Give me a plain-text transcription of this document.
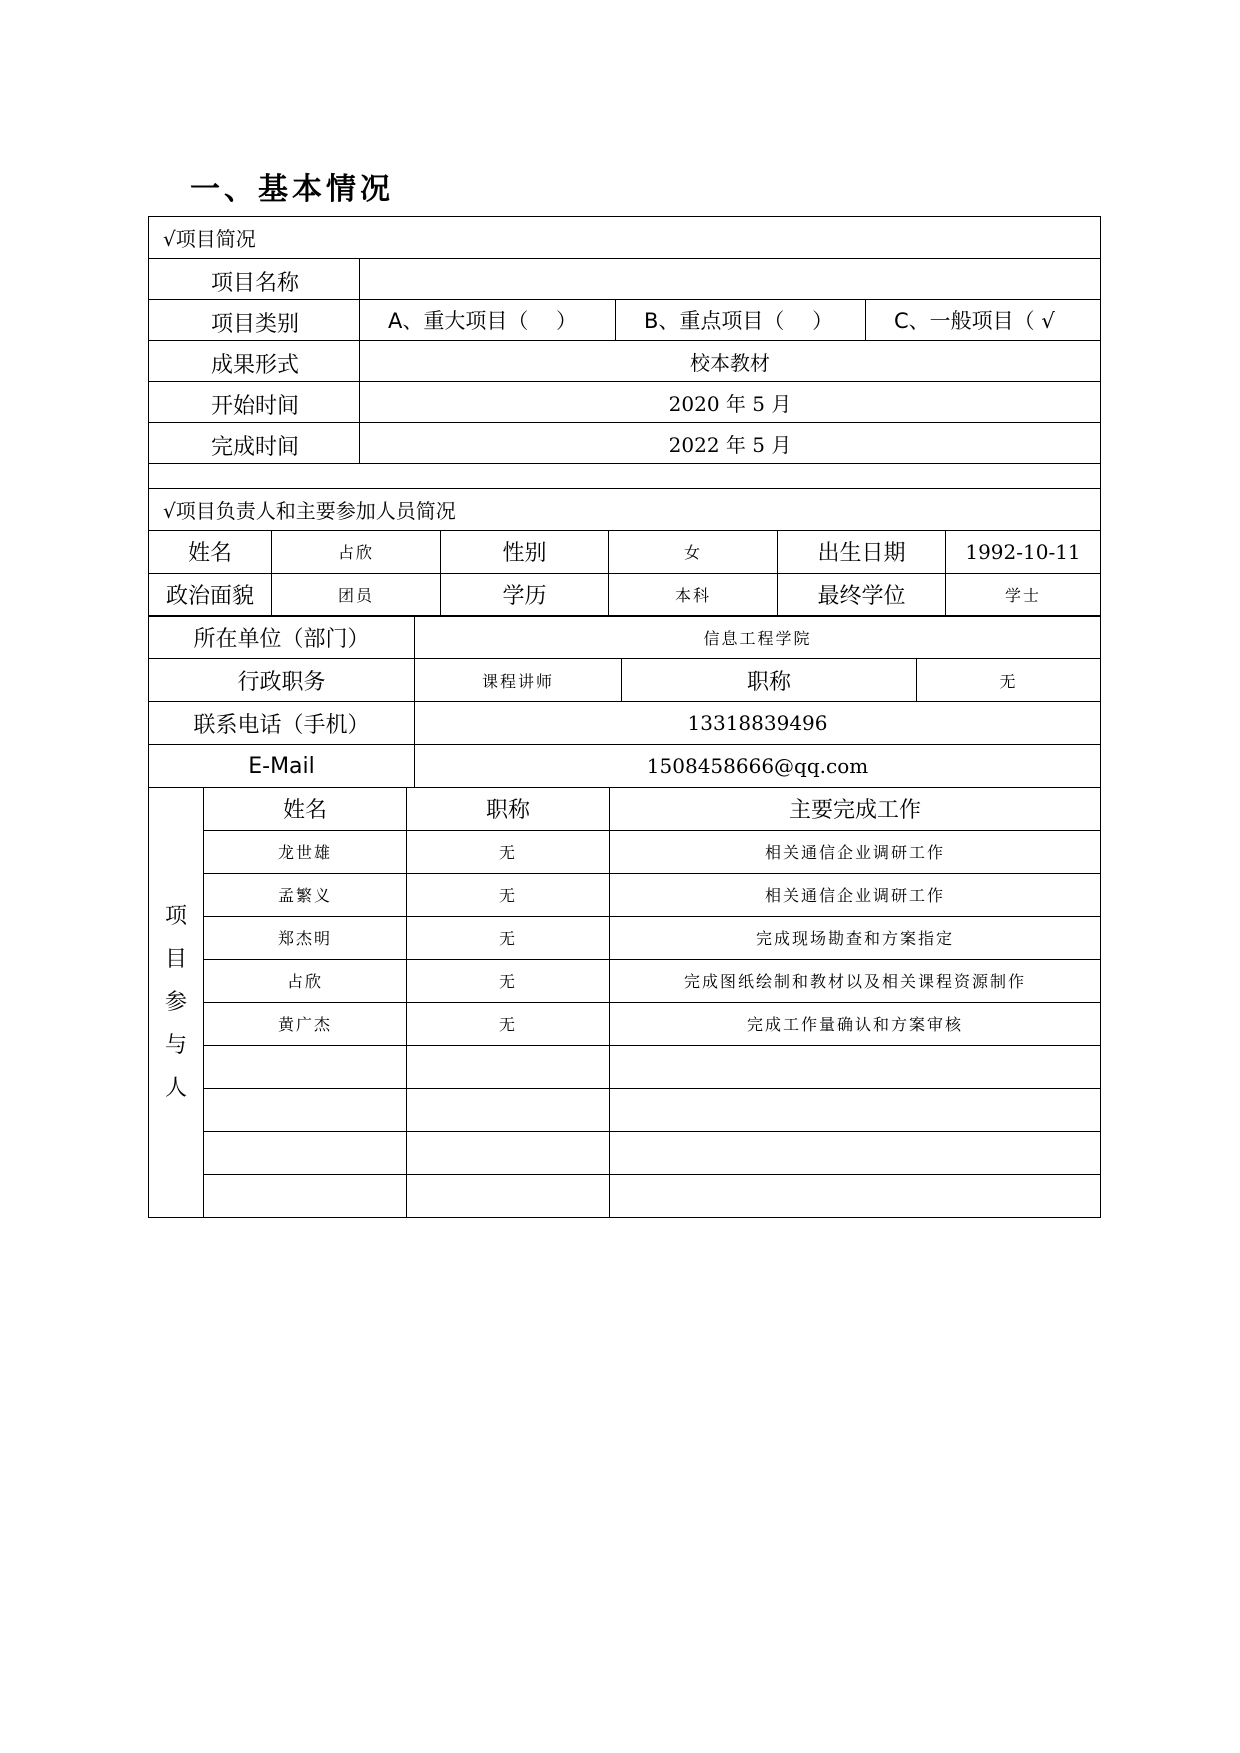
一、基本情况
√项目简况			
项目名称			
项目类别	A、重大项目（　 ）	B、重点项目（　 ）	C、一般项目（ √
成果形式	校本教材		
开始时间	2020 年 5 月		
完成时间	2022 年 5 月		

√项目负责人和主要参加人员简况			
姓名	占欣	性别	女	出生日期	1992-10-11
政治面貌	团员	学历	本科	最终学位	学士
所在单位（部门）	信息工程学院		
行政职务	课程讲师	职称	无
联系电话（手机）	13318839496		
E-Mail	1508458666@qq.com		
项
目
参
与
人	姓名	职称	主要完成工作
	龙世雄	无	相关通信企业调研工作
	孟繁义	无	相关通信企业调研工作
	郑杰明	无	完成现场勘查和方案指定
	占欣	无	完成图纸绘制和教材以及相关课程资源制作
	黄广杰	无	完成工作量确认和方案审核
